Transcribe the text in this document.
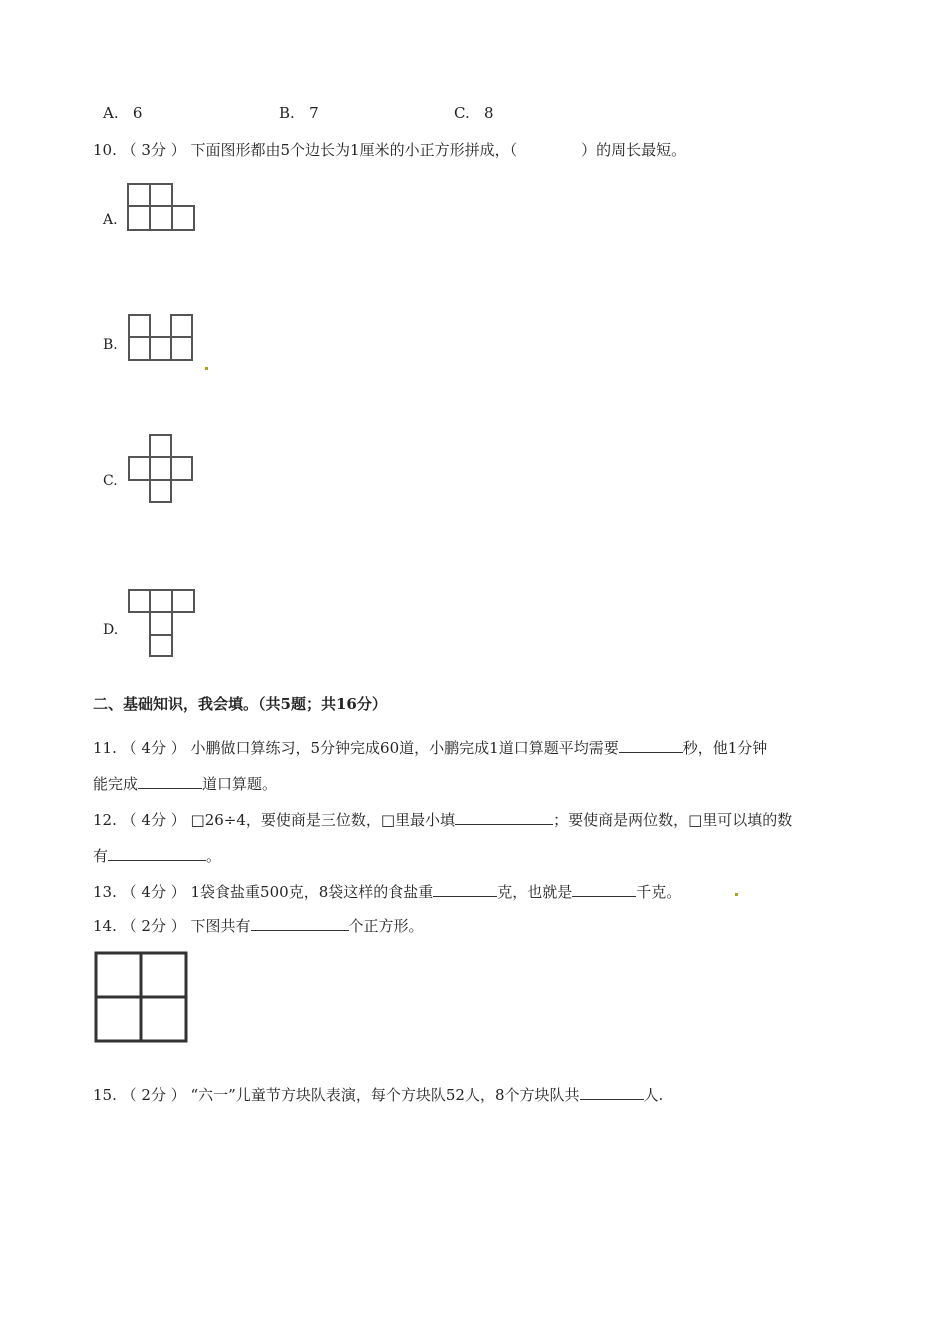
A. 6	B. 7	C. 8
10. （ 3分 ） 下面图形都由5个边长为1厘米的小正方形拼成，（	）的周长最短。
A.
B.
C.
D.
二、基础知识，我会填。（共5题；共16分）
11. （ 4分 ） 小鹏做口算练习，5分钟完成60道，小鹏完成1道口算题平均需要	秒，他1分钟
能完成	道口算题。
12. （ 4分 ） □26÷4，要使商是三位数，□里最小填	；要使商是两位数，□里可以填的数
有	。
13. （ 4分 ） 1袋食盐重500克，8袋这样的食盐重	克，也就是	千克。
14. （ 2分 ） 下图共有	个正方形。
15. （ 2分 ） “六一”儿童节方块队表演，每个方块队52人，8个方块队共	人.
